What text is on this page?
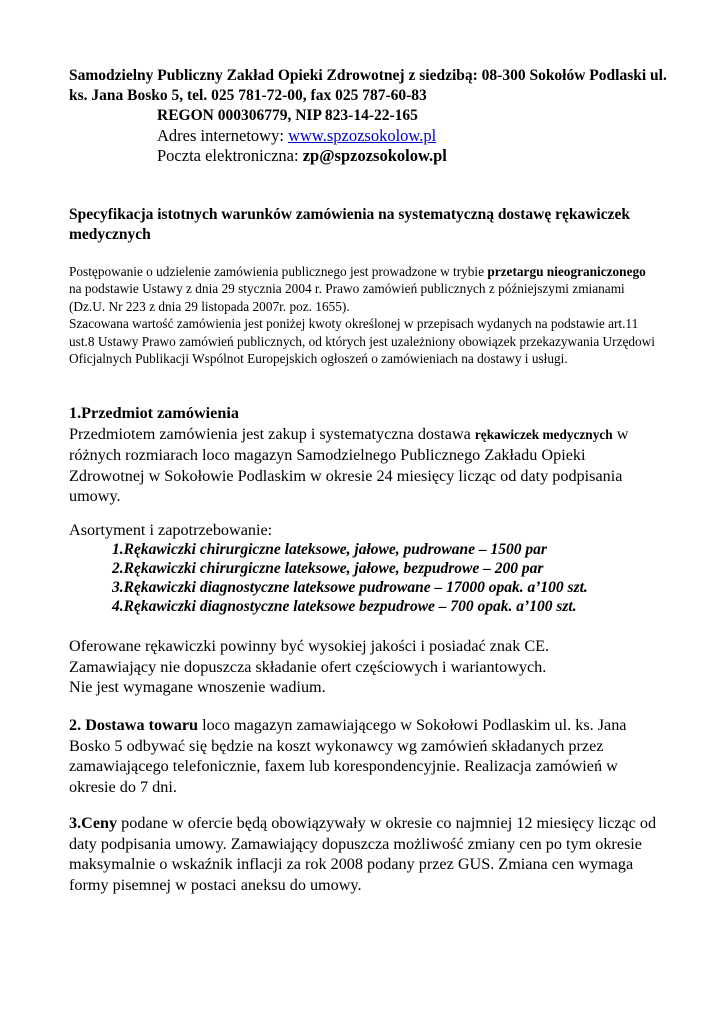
Samodzielny Publiczny Zakład Opieki Zdrowotnej z siedzibą: 08-300 Sokołów Podlaski ul. ks. Jana Bosko 5, tel. 025 781-72-00, fax 025 787-60-83
REGON 000306779, NIP 823-14-22-165
Adres internetowy: www.spzozsokolow.pl
Poczta elektroniczna: zp@spzozsokolow.pl
Specyfikacja istotnych warunków zamówienia na systematyczną dostawę rękawiczek medycznych

Postępowanie o udzielenie zamówienia publicznego jest prowadzone w trybie przetargu nieograniczonego na podstawie Ustawy z dnia 29 stycznia 2004 r. Prawo zamówień publicznych z późniejszymi zmianami (Dz.U. Nr 223 z dnia 29 listopada 2007r. poz. 1655).

Szacowana wartość zamówienia jest poniżej kwoty określonej w przepisach wydanych na podstawie art.11 ust.8 Ustawy Prawo zamówień publicznych, od których jest uzależniony obowiązek przekazywania Urzędowi Oficjalnych Publikacji Wspólnot Europejskich ogłoszeń o zamówieniach na dostawy i usługi.

1.Przedmiot zamówienia

Przedmiotem zamówienia jest zakup i systematyczna dostawa rękawiczek medycznych w różnych rozmiarach loco magazyn Samodzielnego Publicznego Zakładu Opieki Zdrowotnej w Sokołowie Podlaskim w okresie 24 miesięcy licząc od daty podpisania umowy.

Asortyment i zapotrzebowanie:

1.Rękawiczki chirurgiczne lateksowe, jałowe, pudrowane – 1500 par
2.Rękawiczki chirurgiczne lateksowe, jałowe, bezpudrowe – 200 par
3.Rękawiczki diagnostyczne lateksowe pudrowane – 17000 opak. a’100 szt.
4.Rękawiczki diagnostyczne lateksowe bezpudrowe – 700 opak. a’100 szt.

Oferowane rękawiczki powinny być wysokiej jakości i posiadać znak CE.

Zamawiający nie dopuszcza składanie ofert częściowych i wariantowych.

Nie jest wymagane wnoszenie wadium.

2. Dostawa towaru loco magazyn zamawiającego w Sokołowi Podlaskim ul. ks. Jana Bosko 5 odbywać się będzie na koszt wykonawcy wg zamówień składanych przez zamawiającego telefonicznie, faxem lub korespondencyjnie. Realizacja zamówień w okresie do 7 dni.

3.Ceny podane w ofercie będą obowiązywały w okresie co najmniej 12 miesięcy licząc od daty podpisania umowy. Zamawiający dopuszcza możliwość zmiany cen po tym okresie maksymalnie o wskaźnik inflacji za rok 2008 podany przez GUS. Zmiana cen wymaga formy pisemnej w postaci aneksu do umowy.
